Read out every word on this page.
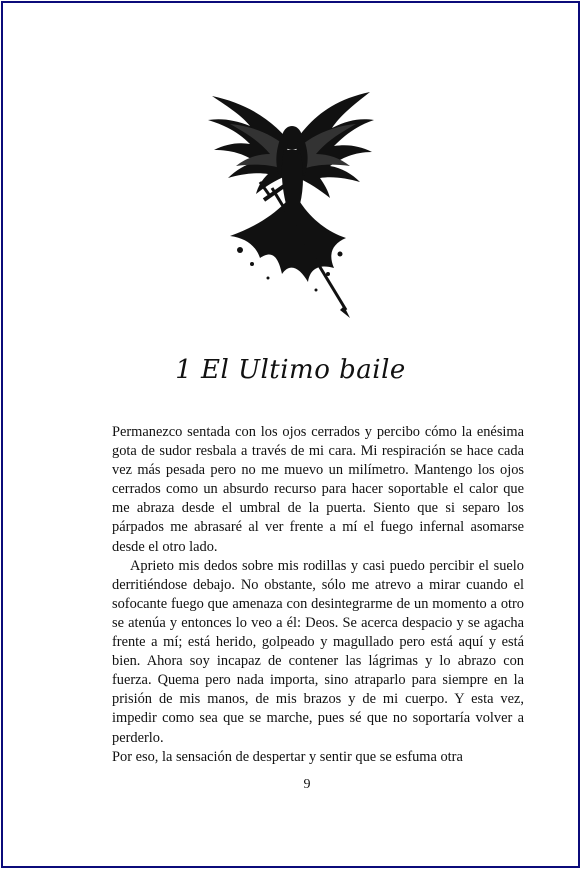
1 El Ultimo baile

Permanezco sentada con los ojos cerrados y percibo cómo la enésima gota de sudor resbala a través de mi cara. Mi respiración se hace cada vez más pesada pero no me muevo un milímetro. Mantengo los ojos cerrados como un absurdo recurso para hacer soportable el calor que me abraza desde el umbral de la puerta. Siento que si separo los párpados me abrasaré al ver frente a mí el fuego infernal asomarse desde el otro lado.

Aprieto mis dedos sobre mis rodillas y casi puedo percibir el suelo derritiéndose debajo. No obstante, sólo me atrevo a mirar cuando el sofocante fuego que amenaza con desintegrarme de un momento a otro se atenúa y entonces lo veo a él: Deos. Se acerca despacio y se agacha frente a mí; está herido, golpeado y magullado pero está aquí y está bien. Ahora soy incapaz de contener las lágrimas y lo abrazo con fuerza. Quema pero nada importa, sino atraparlo para siempre en la prisión de mis manos, de mis brazos y de mi cuerpo. Y esta vez, impedir como sea que se marche, pues sé que no soportaría volver a perderlo.

Por eso, la sensación de despertar y sentir que se esfuma otra

9
